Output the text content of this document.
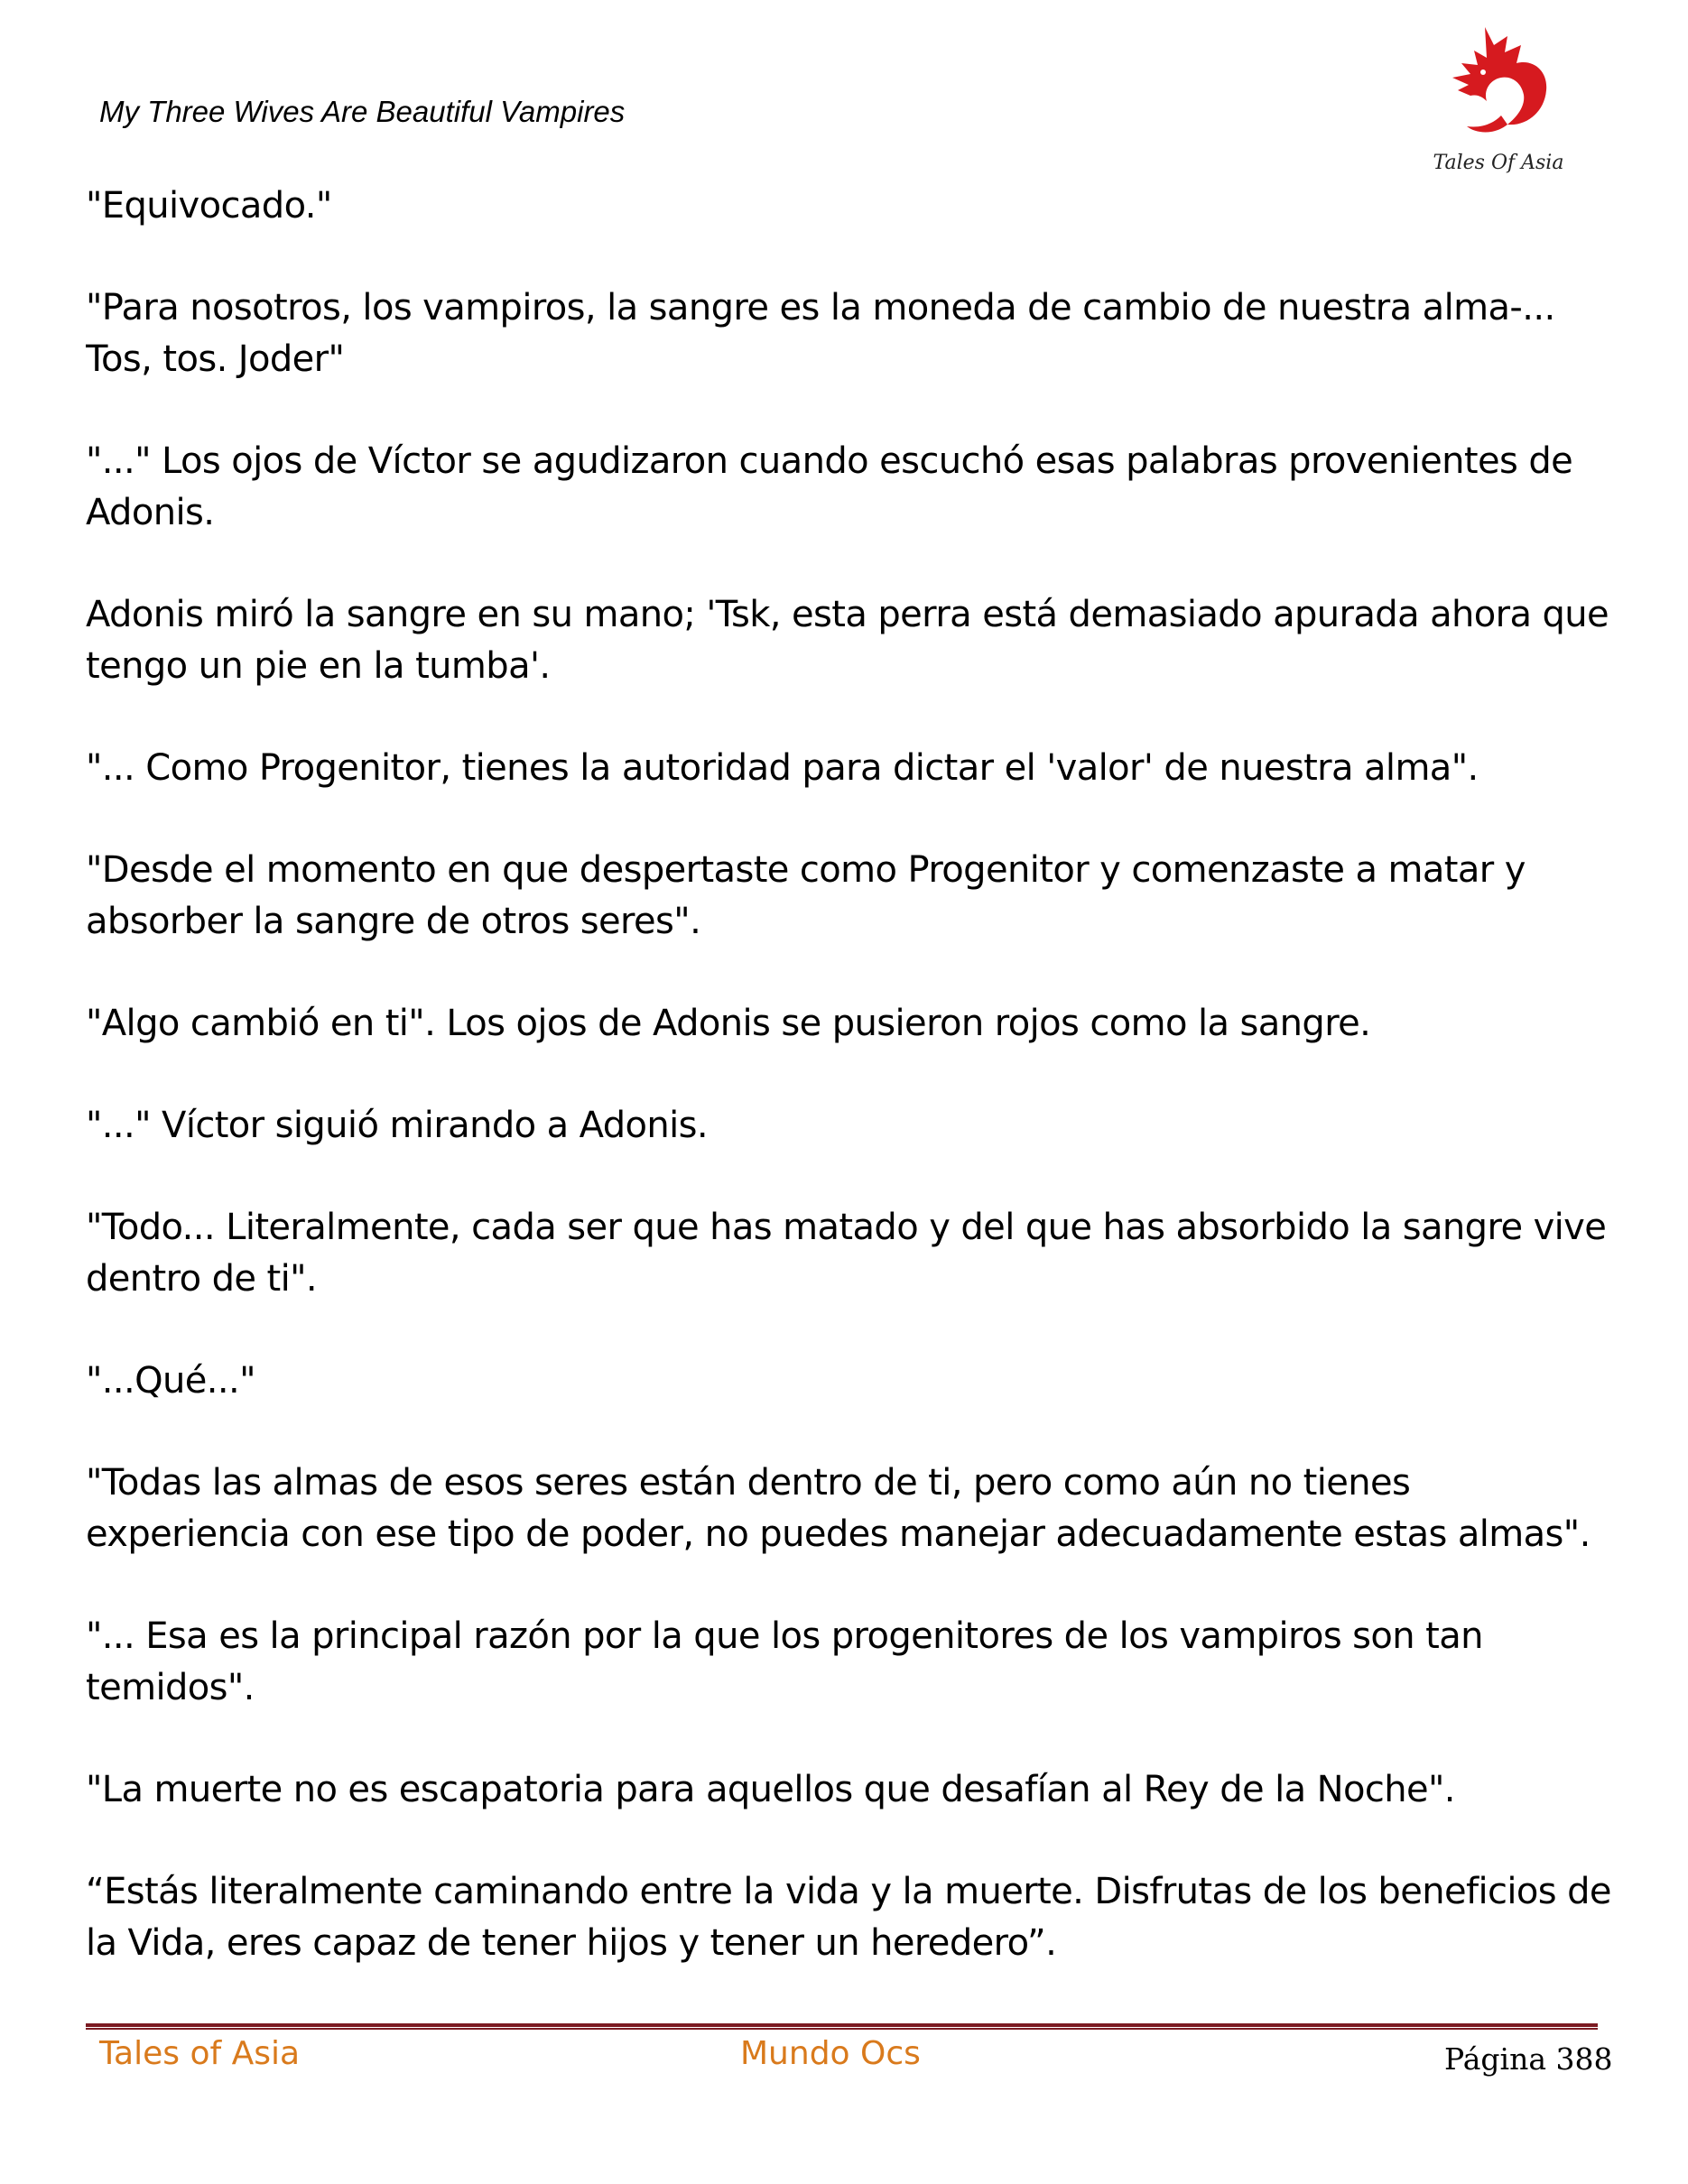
My Three Wives Are Beautiful Vampires
Tales Of Asia

"Equivocado."

"Para nosotros, los vampiros, la sangre es la moneda de cambio de nuestra alma-... Tos, tos. Joder"

"..." Los ojos de Víctor se agudizaron cuando escuchó esas palabras provenientes de Adonis.

Adonis miró la sangre en su mano; 'Tsk, esta perra está demasiado apurada ahora que tengo un pie en la tumba'.

"... Como Progenitor, tienes la autoridad para dictar el 'valor' de nuestra alma".

"Desde el momento en que despertaste como Progenitor y comenzaste a matar y absorber la sangre de otros seres".

"Algo cambió en ti". Los ojos de Adonis se pusieron rojos como la sangre.

"..." Víctor siguió mirando a Adonis.

"Todo... Literalmente, cada ser que has matado y del que has absorbido la sangre vive dentro de ti".

"...Qué..."

"Todas las almas de esos seres están dentro de ti, pero como aún no tienes experiencia con ese tipo de poder, no puedes manejar adecuadamente estas almas".

"... Esa es la principal razón por la que los progenitores de los vampiros son tan temidos".

"La muerte no es escapatoria para aquellos que desafían al Rey de la Noche".

“Estás literalmente caminando entre la vida y la muerte. Disfrutas de los beneficios de la Vida, eres capaz de tener hijos y tener un heredero”.

Tales of Asia	Mundo Ocs	Página 388
